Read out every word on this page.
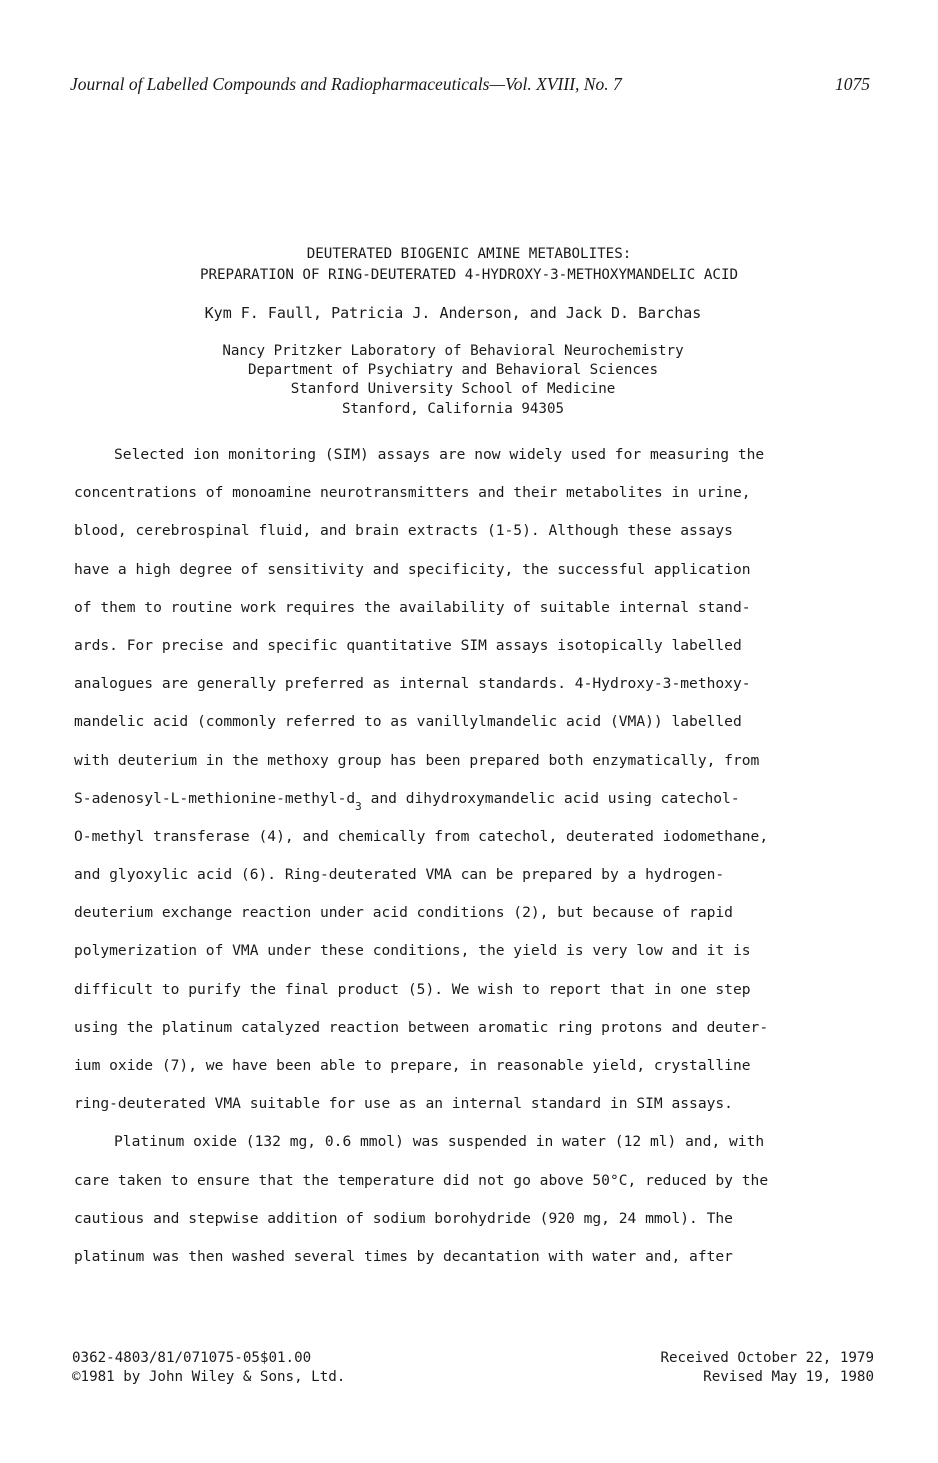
Journal of Labelled Compounds and Radiopharmaceuticals—Vol. XVIII, No. 7	1075
DEUTERATED BIOGENIC AMINE METABOLITES:
PREPARATION OF RING-DEUTERATED 4-HYDROXY-3-METHOXYMANDELIC ACID
Kym F. Faull, Patricia J. Anderson, and Jack D. Barchas
Nancy Pritzker Laboratory of Behavioral Neurochemistry
Department of Psychiatry and Behavioral Sciences
Stanford University School of Medicine
Stanford, California 94305
Selected ion monitoring (SIM) assays are now widely used for measuring the
concentrations of monoamine neurotransmitters and their metabolites in urine,
blood, cerebrospinal fluid, and brain extracts (1-5). Although these assays
have a high degree of sensitivity and specificity, the successful application
of them to routine work requires the availability of suitable internal stand-
ards. For precise and specific quantitative SIM assays isotopically labelled
analogues are generally preferred as internal standards. 4-Hydroxy-3-methoxy-
mandelic acid (commonly referred to as vanillylmandelic acid (VMA)) labelled
with deuterium in the methoxy group has been prepared both enzymatically, from
$S-adenosyl-L-methionine-methyl-d_3$ and dihydroxymandelic acid using catechol-
O-methyl transferase (4), and chemically from catechol, deuterated iodomethane,
and glyoxylic acid (6). Ring-deuterated VMA can be prepared by a hydrogen-
deuterium exchange reaction under acid conditions (2), but because of rapid
polymerization of VMA under these conditions, the yield is very low and it is
difficult to purify the final product (5). We wish to report that in one step
using the platinum catalyzed reaction between aromatic ring protons and deuter-
ium oxide (7), we have been able to prepare, in reasonable yield, crystalline
ring-deuterated VMA suitable for use as an internal standard in SIM assays.
Platinum oxide (132 mg, 0.6 mmol) was suspended in water (12 ml) and, with
care taken to ensure that the temperature did not go above 50°C, reduced by the
cautious and stepwise addition of sodium borohydride (920 mg, 24 mmol). The
platinum was then washed several times by decantation with water and, after
0362-4803/81/071075-05$01.00
©1981 by John Wiley & Sons, Ltd.
Received October 22, 1979
Revised May 19, 1980
